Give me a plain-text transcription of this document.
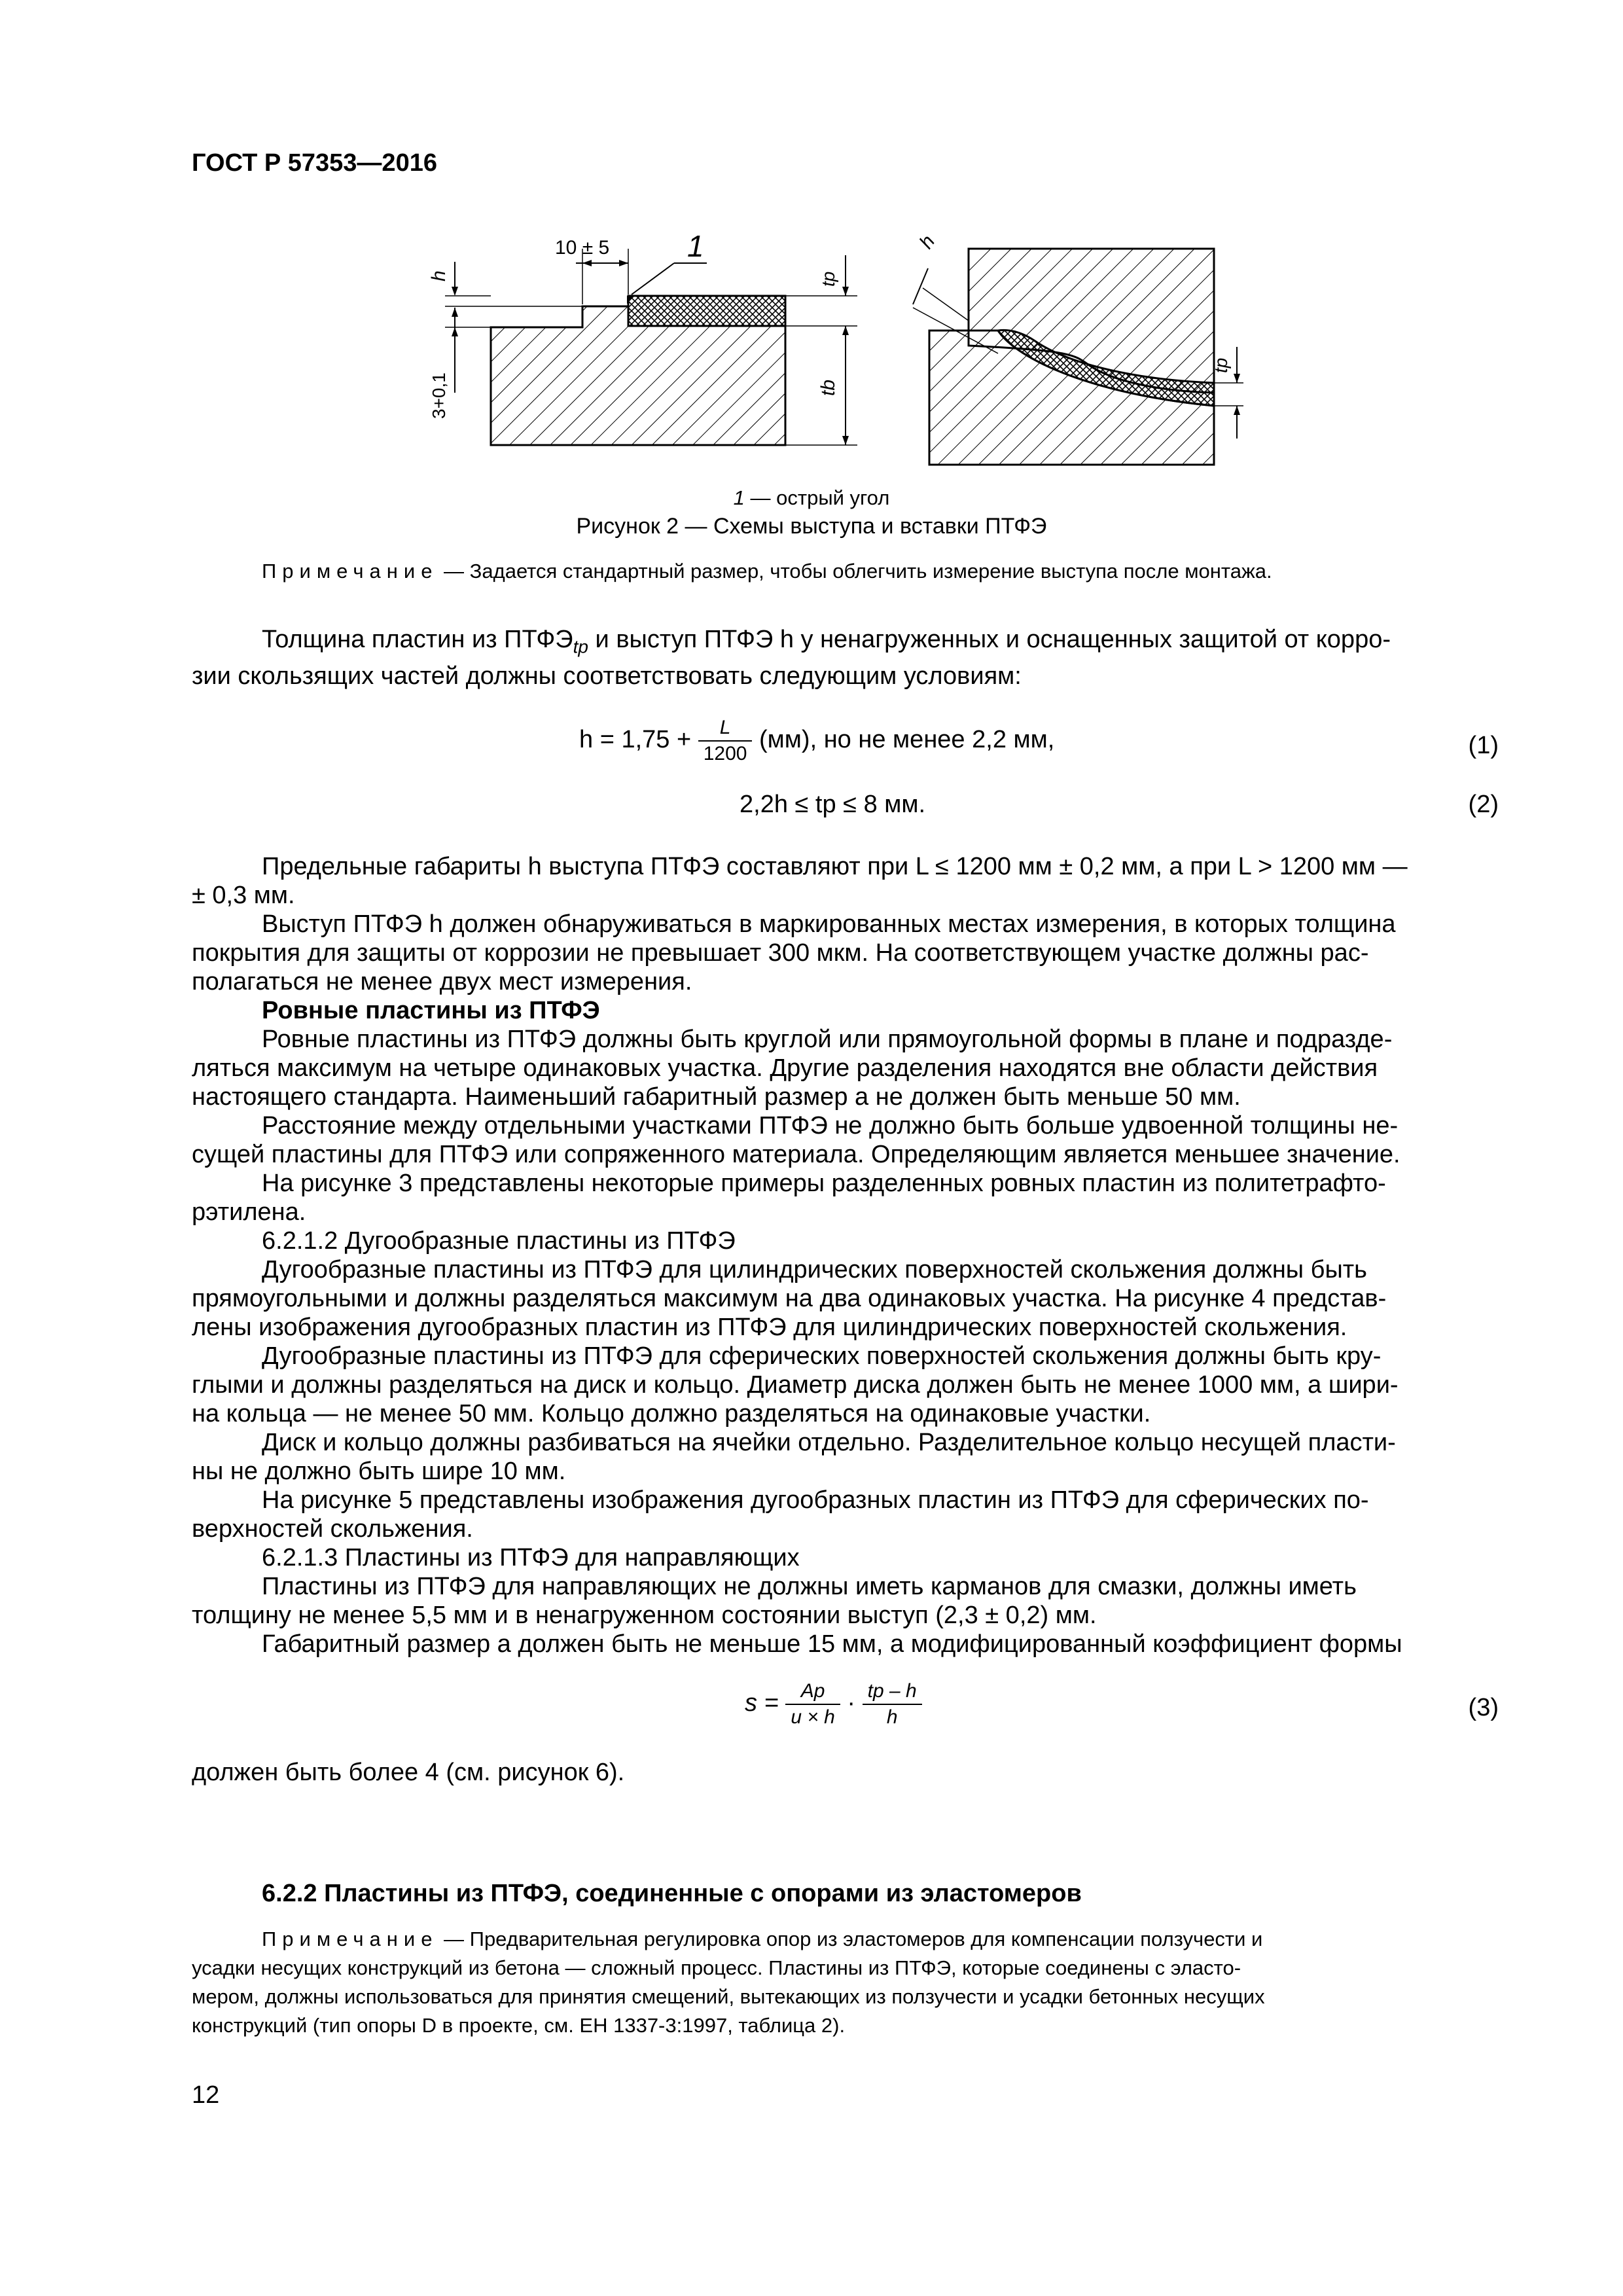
ГОСТ Р 57353—2016
h
3+0,1
10 ± 5	1
tp
tb
h
tp
1 — острый угол
Рисунок 2 — Схемы выступа и вставки ПТФЭ
Примечание — Задается стандартный размер, чтобы облегчить измерение выступа после монтажа.
Толщина пластин из $ПТФЭ_{tp}$ и выступ ПТФЭ h у ненагруженных и оснащенных защитой от корро-
зии скользящих частей должны соответствовать следующим условиям:
$h = 1,75 + \frac{L}{1200} (мм)$, но не менее 2,2 мм,	(1)
2,2h ≤ tp ≤ 8 мм.	(2)
Предельные габариты h выступа ПТФЭ составляют при L ≤ 1200 мм ± 0,2 мм, а при L > 1200 мм —
± 0,3 мм.
Выступ ПТФЭ h должен обнаруживаться в маркированных местах измерения, в которых толщина
покрытия для защиты от коррозии не превышает 300 мкм. На соответствующем участке должны рас-
полагаться не менее двух мест измерения.
Ровные пластины из ПТФЭ
Ровные пластины из ПТФЭ должны быть круглой или прямоугольной формы в плане и подразде-
ляться максимум на четыре одинаковых участка. Другие разделения находятся вне области действия
настоящего стандарта. Наименьший габаритный размер a не должен быть меньше 50 мм.
Расстояние между отдельными участками ПТФЭ не должно быть больше удвоенной толщины не-
сущей пластины для ПТФЭ или сопряженного материала. Определяющим является меньшее значение.
На рисунке 3 представлены некоторые примеры разделенных ровных пластин из политетрафто-
рэтилена.
6.2.1.2 Дугообразные пластины из ПТФЭ
Дугообразные пластины из ПТФЭ для цилиндрических поверхностей скольжения должны быть
прямоугольными и должны разделяться максимум на два одинаковых участка. На рисунке 4 представ-
лены изображения дугообразных пластин из ПТФЭ для цилиндрических поверхностей скольжения.
Дугообразные пластины из ПТФЭ для сферических поверхностей скольжения должны быть кру-
глыми и должны разделяться на диск и кольцо. Диаметр диска должен быть не менее 1000 мм, а шири-
на кольца — не менее 50 мм. Кольцо должно разделяться на одинаковые участки.
Диск и кольцо должны разбиваться на ячейки отдельно. Разделительное кольцо несущей пласти-
ны не должно быть шире 10 мм.
На рисунке 5 представлены изображения дугообразных пластин из ПТФЭ для сферических по-
верхностей скольжения.
6.2.1.3 Пластины из ПТФЭ для направляющих
Пластины из ПТФЭ для направляющих не должны иметь карманов для смазки, должны иметь
толщину не менее 5,5 мм и в ненагруженном состоянии выступ (2,3 ± 0,2) мм.
Габаритный размер a должен быть не меньше 15 мм, а модифицированный коэффициент формы
$s = \frac{Ap}{u \times h} \cdot \frac{tp - h}{h}$	(3)
должен быть более 4 (см. рисунок 6).
6.2.2 Пластины из ПТФЭ, соединенные с опорами из эластомеров
Примечание — Предварительная регулировка опор из эластомеров для компенсации ползучести и
усадки несущих конструкций из бетона — сложный процесс. Пластины из ПТФЭ, которые соединены с эласто-
мером, должны использоваться для принятия смещений, вытекающих из ползучести и усадки бетонных несущих
конструкций (тип опоры D в проекте, см. ЕН 1337-3:1997, таблица 2).
12
